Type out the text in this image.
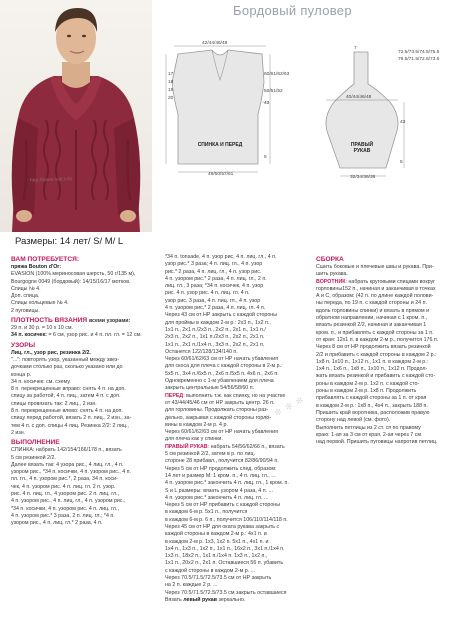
http://www.reifr.info
Бордовый пуловер
42/44/46/48
17
18
19
20
60/61/62/63
50/51/52
43
5
СПИНКА И ПЕРЕД
49/50/57/61
7
72.5/73.5/74.5/75.5
79.5/71.5/72.5/73.5
40/44/46/48
43
ПРАВЫЙ
РУКАВ
5
32/34/36/38
Размеры: 14 лет/ S/ M/ L
✻ ✻ ✻ ✻
ВАМ ПОТРЕБУЕТСЯ:

пряжа Bouton d'Or:

EVASION (100% мериносовая шерсть, 50 г/135 м),

Bourgogne 0049 (бордовый): 14/15/16/17 мотков.

Спицы № 4.

Доп. спица.

Спицы кольцевые № 4.

2 пуговицы.

ПЛОТНОСТЬ ВЯЗАНИЯ всеми узорами:

29 п. и 30 р. = 10 х 10 см.

34 п. косичек: = 6 см, узор рис. и 4 п. пл. гл. = 12 см.

УЗОРЫ

Лиц. гл., узор рис, резинка 2/2.

"...": повторять узор, указанный между звез-

дочками столько раз, сколько указано или до

конца р.

34 п. косичек: см. схему.

8 п. перекрещенные вправо: снять 4 п. на доп.

спицу за работой, 4 п. лиц., затем 4 п. с доп.

спицы провязать так: 2 лиц., 2 изн.

8 п. перекрещенные влево: снять 4 п. на доп.

спицу перед работой, вязать 2 п. лиц., 2 изн., за-

тем 4 п. с доп. спицы 4 лиц. Резинка 2/2: 2 лиц.,

2 изн.

ВЫПОЛНЕНИЕ

СПИНКА: набрать 142/154/166/178 п., вязать

5 см резинкой 2/2.

Далее вязать так: 4 узора рис., 4 лиц. гл., 4 п.

узором рис., *34 п. косички, 4 п. узором рис., 4 п.

пл. гл., 4 п. узором рис.*, 2 раза, 34 п. коси-

чек, 4 п. узором рис. 4 п. лиц. гл. 2 п. узор.

рис. 4 п. лиц. гл., 4 узором рис. 2 п. лиц. гл.,

4 п. узором рис., 4 п. лиц. гл., 4 п. узором рис.,

*34 п. косички, 4 п. узором рис. 4 п. лиц. гл.,

4 п. узором рис.* 3 раза, 2 п. лиц. гл.; *4 п.

узором рис., 4 п. лиц. гл.* 2 раза, 4 п.

*34 п. tonsade, 4 п. узор рис, 4 п. лиц. гл., 4 п.

узор рис.* 3 раза; 4 п. лиц. гл., 4 п. узор

рис.* 2 раза, 4 п. лиц. гл., 4 п. узор рис.

4 п. узором рис.* 2 раза, 4 п. лиц. гл., 2 п.

лиц. гл., 3 раза; *34 п. косичек, 4 п. узор

рис. 4 п. узор рис. 4 п. лиц. гл. 4 п.

узор рис. 3 раза, 4 п. лиц. гл., 4 п. узор

4 п. узором рис.* 2 раза, 4 п. лиц. гл. 4 п.

Через 43 см от НР закрыть с каждой стороны

для проймы в каждом 2-м р.: 2х3 п., 1х2 п.,

1х1 п., 2х1 п./2х3 п., 2х2 п., 2х1 п., 1х1 п./

2х3 п., 2х2 п., 1х1 п./2х3 п., 2х2 п., 2х1 п.

1х1 п., 2х1 п./1х4 п., 3х3 п., 2х2 п., 2х1 п.

Останется 122/128/134/140 п.

Через 60/61/62/63 см от НР начать убавления

для скоса для плеча с каждой стороны в 2-м р.:

5х5 п., 3х4 п./6х5 п., 2х6 п./5х5 п. 4х6 п., 2х6 п.

Одновременно с 1-м убавлением для плеча

закрыть центральные 54/56/58/60 п.

ПЕРЕД: выполнить т.ж. как спинку, но на участке

от 43/44/45/46 см от НР закрыть центр. 26 п.

для горловины. Продолжать стороны раз-

дельно, закрывая с каждой стороны горло-

вины в каждом 2-м р. 4 р.

Через 60/61/62/63 см от НР начать убавления

для плеча как у спинки.

ПРАВЫЙ РУКАВ: набрать 54/56/62/66 п., вязать

5 см резинкой 2/2, затем в р. по лиц.

стороне 28 прибавл., получится 82/86/90/94 п.

Через 5 см от НР продолжить след. образом:

14 лет и размер M: 1 кром. п., 4 п. лиц. гл., ...

4 п. узором рис.* закончить 4 п. лиц. гл., 1 кром. п.

S и L размеры: вязать узором 4 раза, 4 п. ...

4 п. узором рис.* закончить 4 п. лиц. гл. ...

Через 5 см от НР прибавить с каждой стороны

в каждом 6-м р. 5х1 п., получится

в каждом 6-м р. 6 п., получится 106/110/114/118 п.

Через 45 см от НР для оката рукава закрыть с

каждой стороны в каждом 2-м р.: 4х1 п. и

в каждом 2-м р. 1х3, 1х2 п. 5х1 п., 4х1 п. и

1х4 п., 1х3 п., 1х2 п., 1х1 п., 16х2 п., 3х1 п./1х4 п.

1х3 п., 18х2 п., 1х1 п./1х4 п. 1х3 п., 1х2 п.,

1х1 п., 20х2 п., 2х1 п. Оставшиеся 56 п. убавить

с каждой стороны в каждом 2-м р. ...

Через 70.5/71.5/72.5/73.5 см от НР закрыть

на 2 п. каждые 2 р. ...

Через 70.5/71.5/72.5/73.5 см закрыть оставшиеся

Вязать левый рукав зеркально.

СБОРКА

Сшить боковые и плечевые швы и рукава. При-

шить рукава.

ВОРОТНИК: набрать круговыми спицами вокруг

горловины152 п., начиная и заканчивая в точках

А и С, образом: (42 п. по длине каждой полови-

ны переда, по 19 п. с каждой стороны и 24 п.

вдоль горловины спинки) и вязать в прямом и

обратном направлении, начиная с 1 кром. п.,

вязать резинкой 2/2, начиная и заканчивая 1

кром. п., и прибавлять с каждой стороны за 1 п.

от края: 12х1 п. в каждом 2-м р., получится 176 п.

Через 8 см от НР продолжить вязать резинкой

2/2 и прибавить с каждой стороны в каждом 2 р.:

1х8 п. 1х10 п., 1х12 п., 1х1 п. в каждом 2-м р.:

1х4 п., 1х6 п., 1х8 п., 1х10 п., 1х12 п. Продол-

жать вязать резинкой и прибавить с каждой сто-

роны в каждом 2-м р. 1х2 п. с каждой сто-

роны в каждом 2-м р. 1х8 п. Продолжить

прибавлять с каждой стороны за 1 п. от края

в каждом 2-м р.: 1х8 п., 4х4 п., закрыть 188 п.

Пришить край воротника, расположив правую

сторону над левой (см. фото).

Выполнить петлицы из 2 ст. сп по правому

краю: 1-ая за 3 см от края, 2-ая через 7 см

над первой. Пришить пуговицы напротив петлиц.
